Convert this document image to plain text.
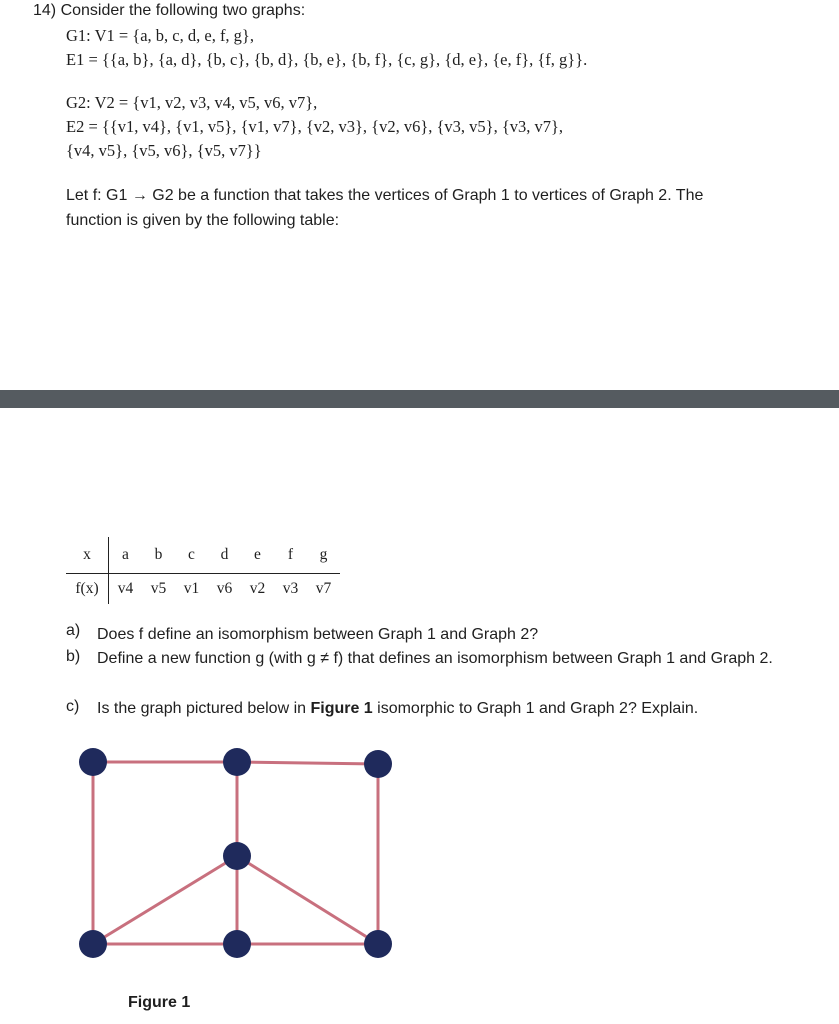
14) Consider the following two graphs:
G1: V1 = {a, b, c, d, e, f, g},
E1 = {{a, b}, {a, d}, {b, c}, {b, d}, {b, e}, {b, f}, {c, g}, {d, e}, {e, f}, {f, g}}.
G2: V2 = {v1, v2, v3, v4, v5, v6, v7},
E2 = {{v1, v4}, {v1, v5}, {v1, v7}, {v2, v3}, {v2, v6}, {v3, v5}, {v3, v7},
{v4, v5}, {v5, v6}, {v5, v7}}
Let f: G1 → G2 be a function that takes the vertices of Graph 1 to vertices of Graph 2. The
function is given by the following table:
x	a	b	c	d	e	f	g
f(x)	v4	v5	v1	v6	v2	v3	v7
a) Does f define an isomorphism between Graph 1 and Graph 2?
b) Define a new function g (with g ≠ f) that defines an isomorphism between Graph 1 and Graph 2.
c) Is the graph pictured below in Figure 1 isomorphic to Graph 1 and Graph 2? Explain.
Figure 1
